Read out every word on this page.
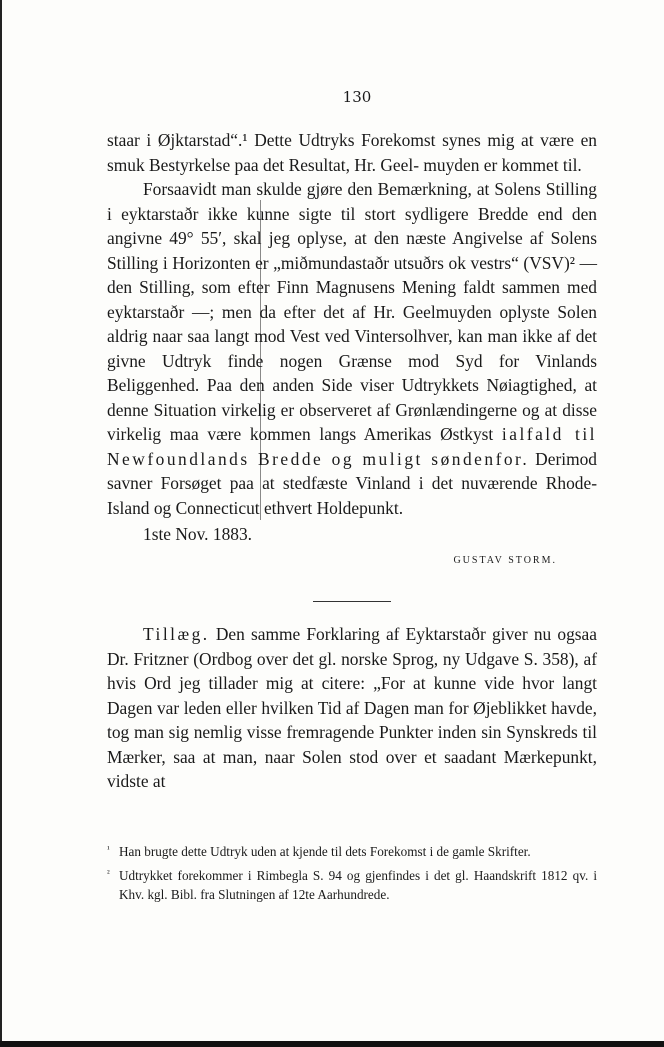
130

staar i Øjktarstad“.¹ Dette Udtryks Forekomst synes mig at være en smuk Bestyrkelse paa det Resultat, Hr. Geel- muyden er kommet til.

Forsaavidt man skulde gjøre den Bemærkning, at Solens Stilling i eyktarstaðr ikke kunne sigte til stort sydligere Bredde end den angivne 49° 55′, skal jeg oplyse, at den næste Angivelse af Solens Stilling i Horizonten er „miðmundastaðr utsuðrs ok vestrs“ (VSV)² — den Stilling, som efter Finn Magnusens Mening faldt sammen med eyktarstaðr —; men da efter det af Hr. Geelmuyden oplyste Solen aldrig naar saa langt mod Vest ved Vintersolhver, kan man ikke af det givne Udtryk finde nogen Grænse mod Syd for Vinlands Beliggenhed. Paa den anden Side viser Udtrykkets Nøiagtighed, at denne Situation virkelig er observeret af Grønlændingerne og at disse virkelig maa være kommen langs Amerikas Østkyst ialfald til Newfoundlands Bredde og muligt søndenfor. Derimod savner Forsøget paa at stedfæste Vinland i det nuværende Rhode-Island og Connecticut ethvert Holdepunkt.

1ste Nov. 1883.

GUSTAV STORM.

Tillæg. Den samme Forklaring af Eyktarstaðr giver nu ogsaa Dr. Fritzner (Ordbog over det gl. norske Sprog, ny Udgave S. 358), af hvis Ord jeg tillader mig at citere: „For at kunne vide hvor langt Dagen var leden eller hvilken Tid af Dagen man for Øjeblikket havde, tog man sig nemlig visse fremragende Punkter inden sin Synskreds til Mærker, saa at man, naar Solen stod over et saadant Mærkepunkt, vidste at

¹ Han brugte dette Udtryk uden at kjende til dets Forekomst i de gamle Skrifter.

² Udtrykket forekommer i Rimbegla S. 94 og gjenfindes i det gl. Haandskrift 1812 qv. i Khv. kgl. Bibl. fra Slutningen af 12te Aarhundrede.
